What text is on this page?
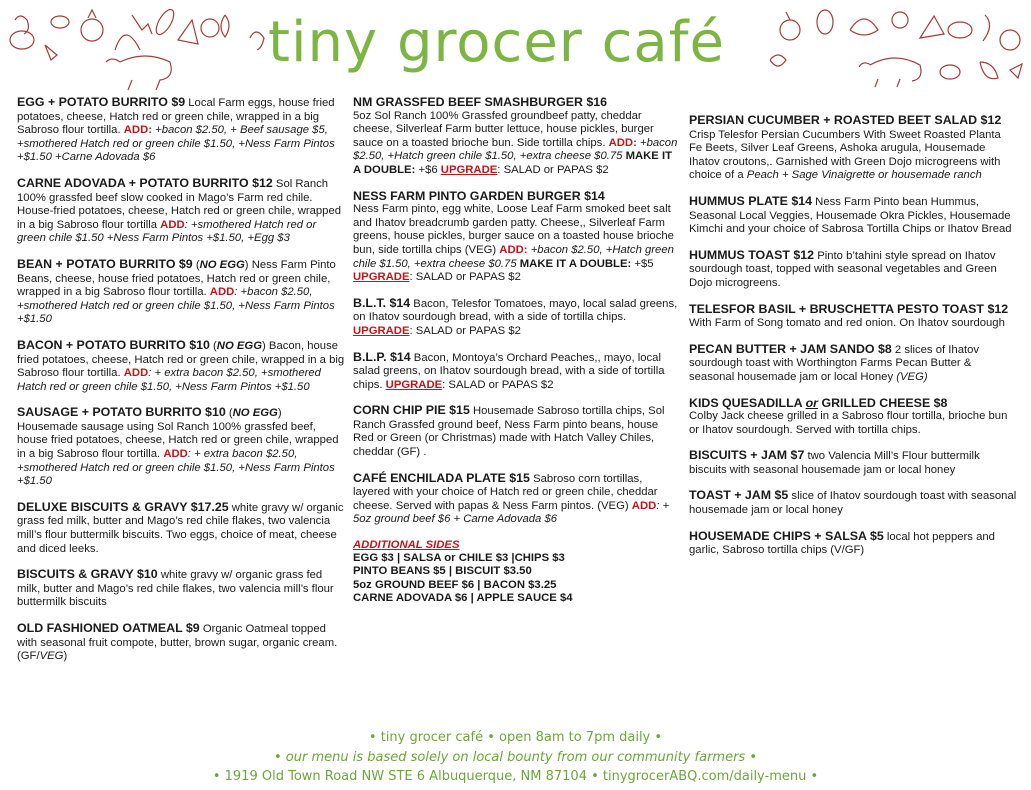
tiny grocer café
EGG + POTATO BURRITO $9 Local Farm eggs, house fried potatoes, cheese, Hatch red or green chile, wrapped in a big Sabroso flour tortilla. ADD: +bacon $2.50, + Beef sausage $5, +smothered Hatch red or green chile $1.50, +Ness Farm Pintos +$1.50 +Carne Adovada $6
CARNE ADOVADA + POTATO BURRITO $12 Sol Ranch 100% grassfed beef slow cooked in Mago’s Farm red chile. House-fried potatoes, cheese, Hatch red or green chile, wrapped in a big Sabroso flour tortilla ADD: +smothered Hatch red or green chile $1.50 +Ness Farm Pintos +$1.50, +Egg $3
BEAN + POTATO BURRITO $9 (NO EGG) Ness Farm Pinto Beans, cheese, house fried potatoes, Hatch red or green chile, wrapped in a big Sabroso flour tortilla. ADD: +bacon $2.50, +smothered Hatch red or green chile $1.50, +Ness Farm Pintos +$1.50
BACON + POTATO BURRITO $10 (NO EGG) Bacon, house fried potatoes, cheese, Hatch red or green chile, wrapped in a big Sabroso flour tortilla. ADD: + extra bacon $2.50, +smothered Hatch red or green chile $1.50, +Ness Farm Pintos +$1.50
SAUSAGE + POTATO BURRITO $10 (NO EGG) Housemade sausage using Sol Ranch 100% grassfed beef, house fried potatoes, cheese, Hatch red or green chile, wrapped in a big Sabroso flour tortilla. ADD: + extra bacon $2.50, +smothered Hatch red or green chile $1.50, +Ness Farm Pintos +$1.50
DELUXE BISCUITS & GRAVY $17.25 white gravy w/ organic grass fed milk, butter and Mago’s red chile flakes, two valencia mill’s flour buttermilk biscuits. Two eggs, choice of meat, cheese and diced leeks.
BISCUITS & GRAVY $10 white gravy w/ organic grass fed milk, butter and Mago’s red chile flakes, two valencia mill’s flour buttermilk biscuits
OLD FASHIONED OATMEAL $9 Organic Oatmeal topped with seasonal fruit compote, butter, brown sugar, organic cream. (GF/VEG)
NM GRASSFED BEEF SMASHBURGER $16
5oz Sol Ranch 100% Grassfed groundbeef patty, cheddar cheese, Silverleaf Farm butter lettuce, house pickles, burger sauce on a toasted brioche bun. Side tortilla chips. ADD: +bacon $2.50, +Hatch green chile $1.50, +extra cheese $0.75 MAKE IT A DOUBLE: +$6 UPGRADE: SALAD or PAPAS $2
NESS FARM PINTO GARDEN BURGER $14
Ness Farm pinto, egg white, Loose Leaf Farm smoked beet salt and Ihatov breadcrumb garden patty. Cheese,, Silverleaf Farm greens, house pickles, burger sauce on a toasted house brioche bun, side tortilla chips (VEG) ADD: +bacon $2.50, +Hatch green chile $1.50, +extra cheese $0.75 MAKE IT A DOUBLE: +$5 UPGRADE: SALAD or PAPAS $2
B.L.T. $14 Bacon, Telesfor Tomatoes, mayo, local salad greens, on Ihatov sourdough bread, with a side of tortilla chips. UPGRADE: SALAD or PAPAS $2
B.L.P. $14 Bacon, Montoya’s Orchard Peaches,, mayo, local salad greens, on Ihatov sourdough bread, with a side of tortilla chips. UPGRADE: SALAD or PAPAS $2
CORN CHIP PIE $15 Housemade Sabroso tortilla chips, Sol Ranch Grassfed ground beef, Ness Farm pinto beans, house Red or Green (or Christmas) made with Hatch Valley Chiles, cheddar (GF) .
CAFÉ ENCHILADA PLATE $15 Sabroso corn tortillas, layered with your choice of Hatch red or green chile, cheddar cheese. Served with papas & Ness Farm pintos. (VEG) ADD: + 5oz ground beef $6 + Carne Adovada $6
ADDITIONAL SIDES
EGG $3 | SALSA or CHILE $3 |CHIPS $3
PINTO BEANS $5 | BISCUIT $3.50
5oz GROUND BEEF $6 | BACON $3.25
CARNE ADOVADA $6 | APPLE SAUCE $4
PERSIAN CUCUMBER + ROASTED BEET SALAD $12 Crisp Telesfor Persian Cucumbers With Sweet Roasted Planta Fe Beets, Silver Leaf Greens, Ashoka arugula, Housemade Ihatov croutons,. Garnished with Green Dojo microgreens with choice of a Peach + Sage Vinaigrette or housemade ranch
HUMMUS PLATE $14 Ness Farm Pinto bean Hummus, Seasonal Local Veggies, Housemade Okra Pickles, Housemade Kimchi and your choice of Sabrosa Tortilla Chips or Ihatov Bread
HUMMUS TOAST $12 Pinto b’tahini style spread on Ihatov sourdough toast, topped with seasonal vegetables and Green Dojo microgreens.
TELESFOR BASIL + BRUSCHETTA PESTO TOAST $12 With Farm of Song tomato and red onion. On Ihatov sourdough
PECAN BUTTER + JAM SANDO $8 2 slices of Ihatov sourdough toast with Worthington Farms Pecan Butter & seasonal housemade jam or local Honey (VEG)
KIDS QUESADILLA or GRILLED CHEESE $8
Colby Jack cheese grilled in a Sabroso flour tortilla, brioche bun or Ihatov sourdough. Served with tortilla chips.
BISCUITS + JAM $7 two Valencia Mill’s Flour buttermilk biscuits with seasonal housemade jam or local honey
TOAST + JAM $5 slice of Ihatov sourdough toast with seasonal housemade jam or local honey
HOUSEMADE CHIPS + SALSA $5 local hot peppers and garlic, Sabroso tortilla chips (V/GF)
• tiny grocer café • open 8am to 7pm daily •
• our menu is based solely on local bounty from our community farmers •
• 1919 Old Town Road NW STE 6 Albuquerque, NM 87104 • tinygrocerABQ.com/daily-menu •
